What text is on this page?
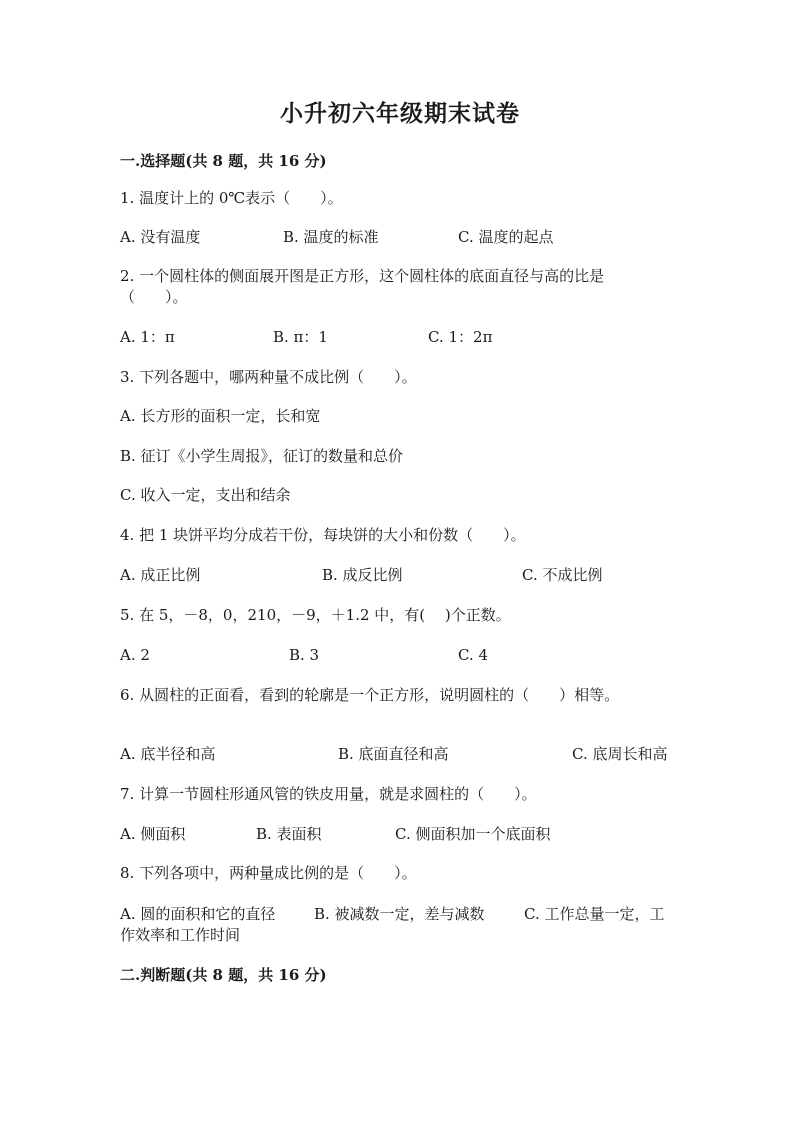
小升初六年级期末试卷
一.选择题(共 8 题，共 16 分)
1. 温度计上的 0℃表示（　　）。
A. 没有温度	B. 温度的标准	C. 温度的起点
2. 一个圆柱体的侧面展开图是正方形，这个圆柱体的底面直径与高的比是（　　）。
A. 1：π	B. π：1	C. 1：2π
3. 下列各题中，哪两种量不成比例（　　）。
A. 长方形的面积一定，长和宽
B. 征订《小学生周报》，征订的数量和总价
C. 收入一定，支出和结余
4. 把 1 块饼平均分成若干份，每块饼的大小和份数（　　）。
A. 成正比例	B. 成反比例	C. 不成比例
5. 在 5，－8，0，210，－9，＋1.2 中，有(　 )个正数。
A. 2	B. 3	C. 4
6. 从圆柱的正面看，看到的轮廓是一个正方形，说明圆柱的（　　）相等。
A. 底半径和高	B. 底面直径和高	C. 底周长和高
7. 计算一节圆柱形通风管的铁皮用量，就是求圆柱的（　　）。
A. 侧面积	B. 表面积	C. 侧面积加一个底面积
8. 下列各项中，两种量成比例的是（　　）。
A. 圆的面积和它的直径	B. 被减数一定，差与减数	C. 工作总量一定，工作效率和工作时间
二.判断题(共 8 题，共 16 分)
